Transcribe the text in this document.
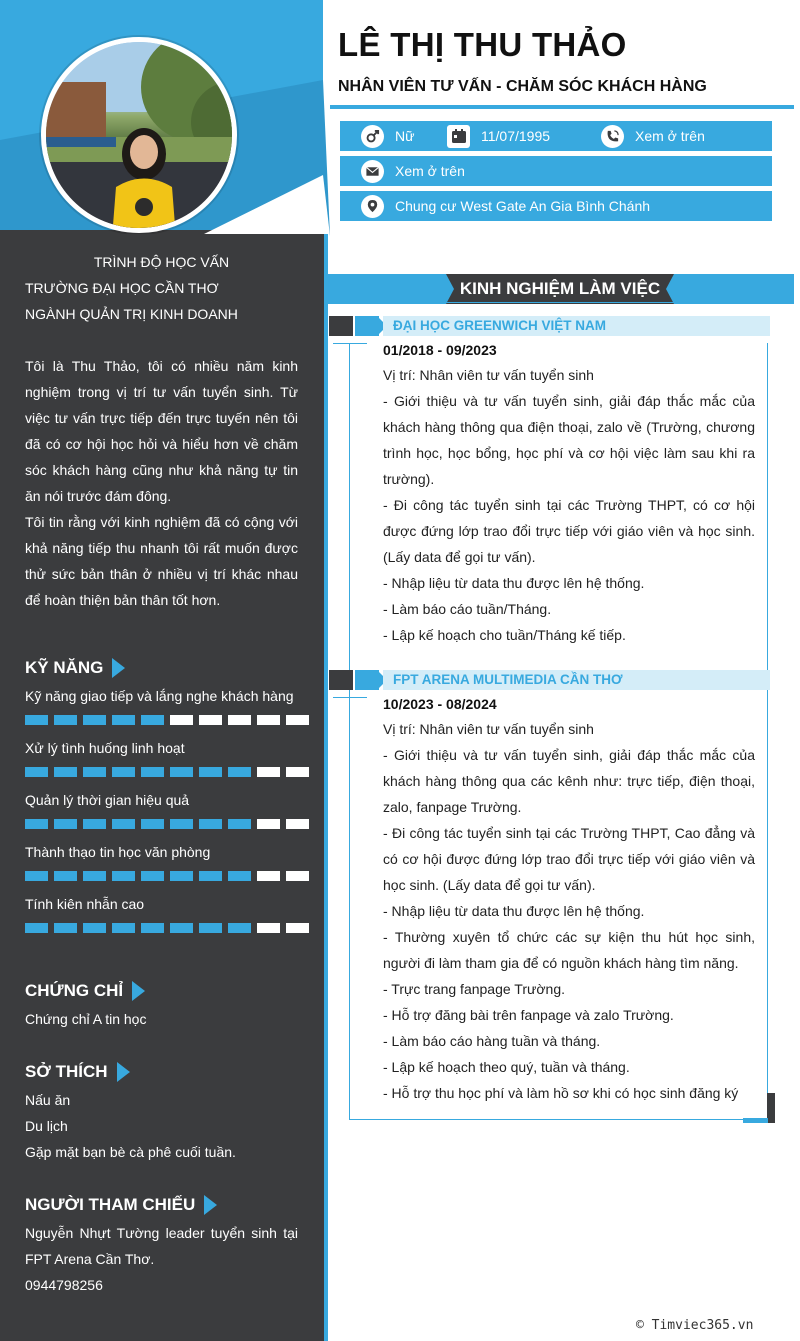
TRÌNH ĐỘ HỌC VẤN
TRƯỜNG ĐẠI HỌC CẦN THƠ
NGÀNH QUẢN TRỊ KINH DOANH
Tôi là Thu Thảo, tôi có nhiều năm kinh nghiệm trong vị trí tư vấn tuyển sinh. Từ việc tư vấn trực tiếp đến trực tuyến nên tôi đã có cơ hội học hỏi và hiểu hơn về chăm sóc khách hàng cũng như khả năng tự tin ăn nói trước đám đông.
Tôi tin rằng với kinh nghiệm đã có cộng với khả năng tiếp thu nhanh tôi rất muốn được thử sức bản thân ở nhiều vị trí khác nhau để hoàn thiện bản thân tốt hơn.
KỸ NĂNG
Kỹ năng giao tiếp và lắng nghe khách hàng
Xử lý tình huống linh hoạt
Quản lý thời gian hiệu quả
Thành thạo tin học văn phòng
Tính kiên nhẫn cao
CHỨNG CHỈ
Chứng chỉ A tin học
SỞ THÍCH
Nấu ăn
Du lịch
Gặp mặt bạn bè cà phê cuối tuần.
NGƯỜI THAM CHIẾU
Nguyễn Nhựt Tường leader tuyển sinh tại
FPT Arena Cần Thơ.
0944798256
LÊ THỊ THU THẢO
NHÂN VIÊN TƯ VẤN - CHĂM SÓC KHÁCH HÀNG
Nữ	11/07/1995	Xem ở trên
Xem ở trên
Chung cư West Gate An Gia Bình Chánh
KINH NGHIỆM LÀM VIỆC
ĐẠI HỌC GREENWICH VIỆT NAM
01/2018 - 09/2023

Vị trí: Nhân viên tư vấn tuyển sinh

- Giới thiệu và tư vấn tuyển sinh, giải đáp thắc mắc của khách hàng thông qua điện thoại, zalo về (Trường, chương trình học, học bổng, học phí và cơ hội việc làm sau khi ra trường).

- Đi công tác tuyển sinh tại các Trường THPT, có cơ hội được đứng lớp trao đổi trực tiếp với giáo viên và học sinh. (Lấy data để gọi tư vấn).

- Nhập liệu từ data thu được lên hệ thống.

- Làm báo cáo tuần/Tháng.

- Lập kế hoạch cho tuần/Tháng kế tiếp.

FPT ARENA MULTIMEDIA CẦN THƠ
10/2023 - 08/2024

Vị trí: Nhân viên tư vấn tuyển sinh

- Giới thiệu và tư vấn tuyển sinh, giải đáp thắc mắc của khách hàng thông qua các kênh như: trực tiếp, điện thoại, zalo, fanpage Trường.

- Đi công tác tuyển sinh tại các Trường THPT, Cao đẳng và có cơ hội được đứng lớp trao đổi trực tiếp với giáo viên và học sinh. (Lấy data để gọi tư vấn).

- Nhập liệu từ data thu được lên hệ thống.

- Thường xuyên tổ chức các sự kiện thu hút học sinh, người đi làm tham gia để có nguồn khách hàng tìm năng.

- Trực trang fanpage Trường.

- Hỗ trợ đăng bài trên fanpage và zalo Trường.

- Làm báo cáo hàng tuần và tháng.

- Lập kế hoạch theo quý, tuần và tháng.

- Hỗ trợ thu học phí và làm hồ sơ khi có học sinh đăng ký

© Timviec365.vn
